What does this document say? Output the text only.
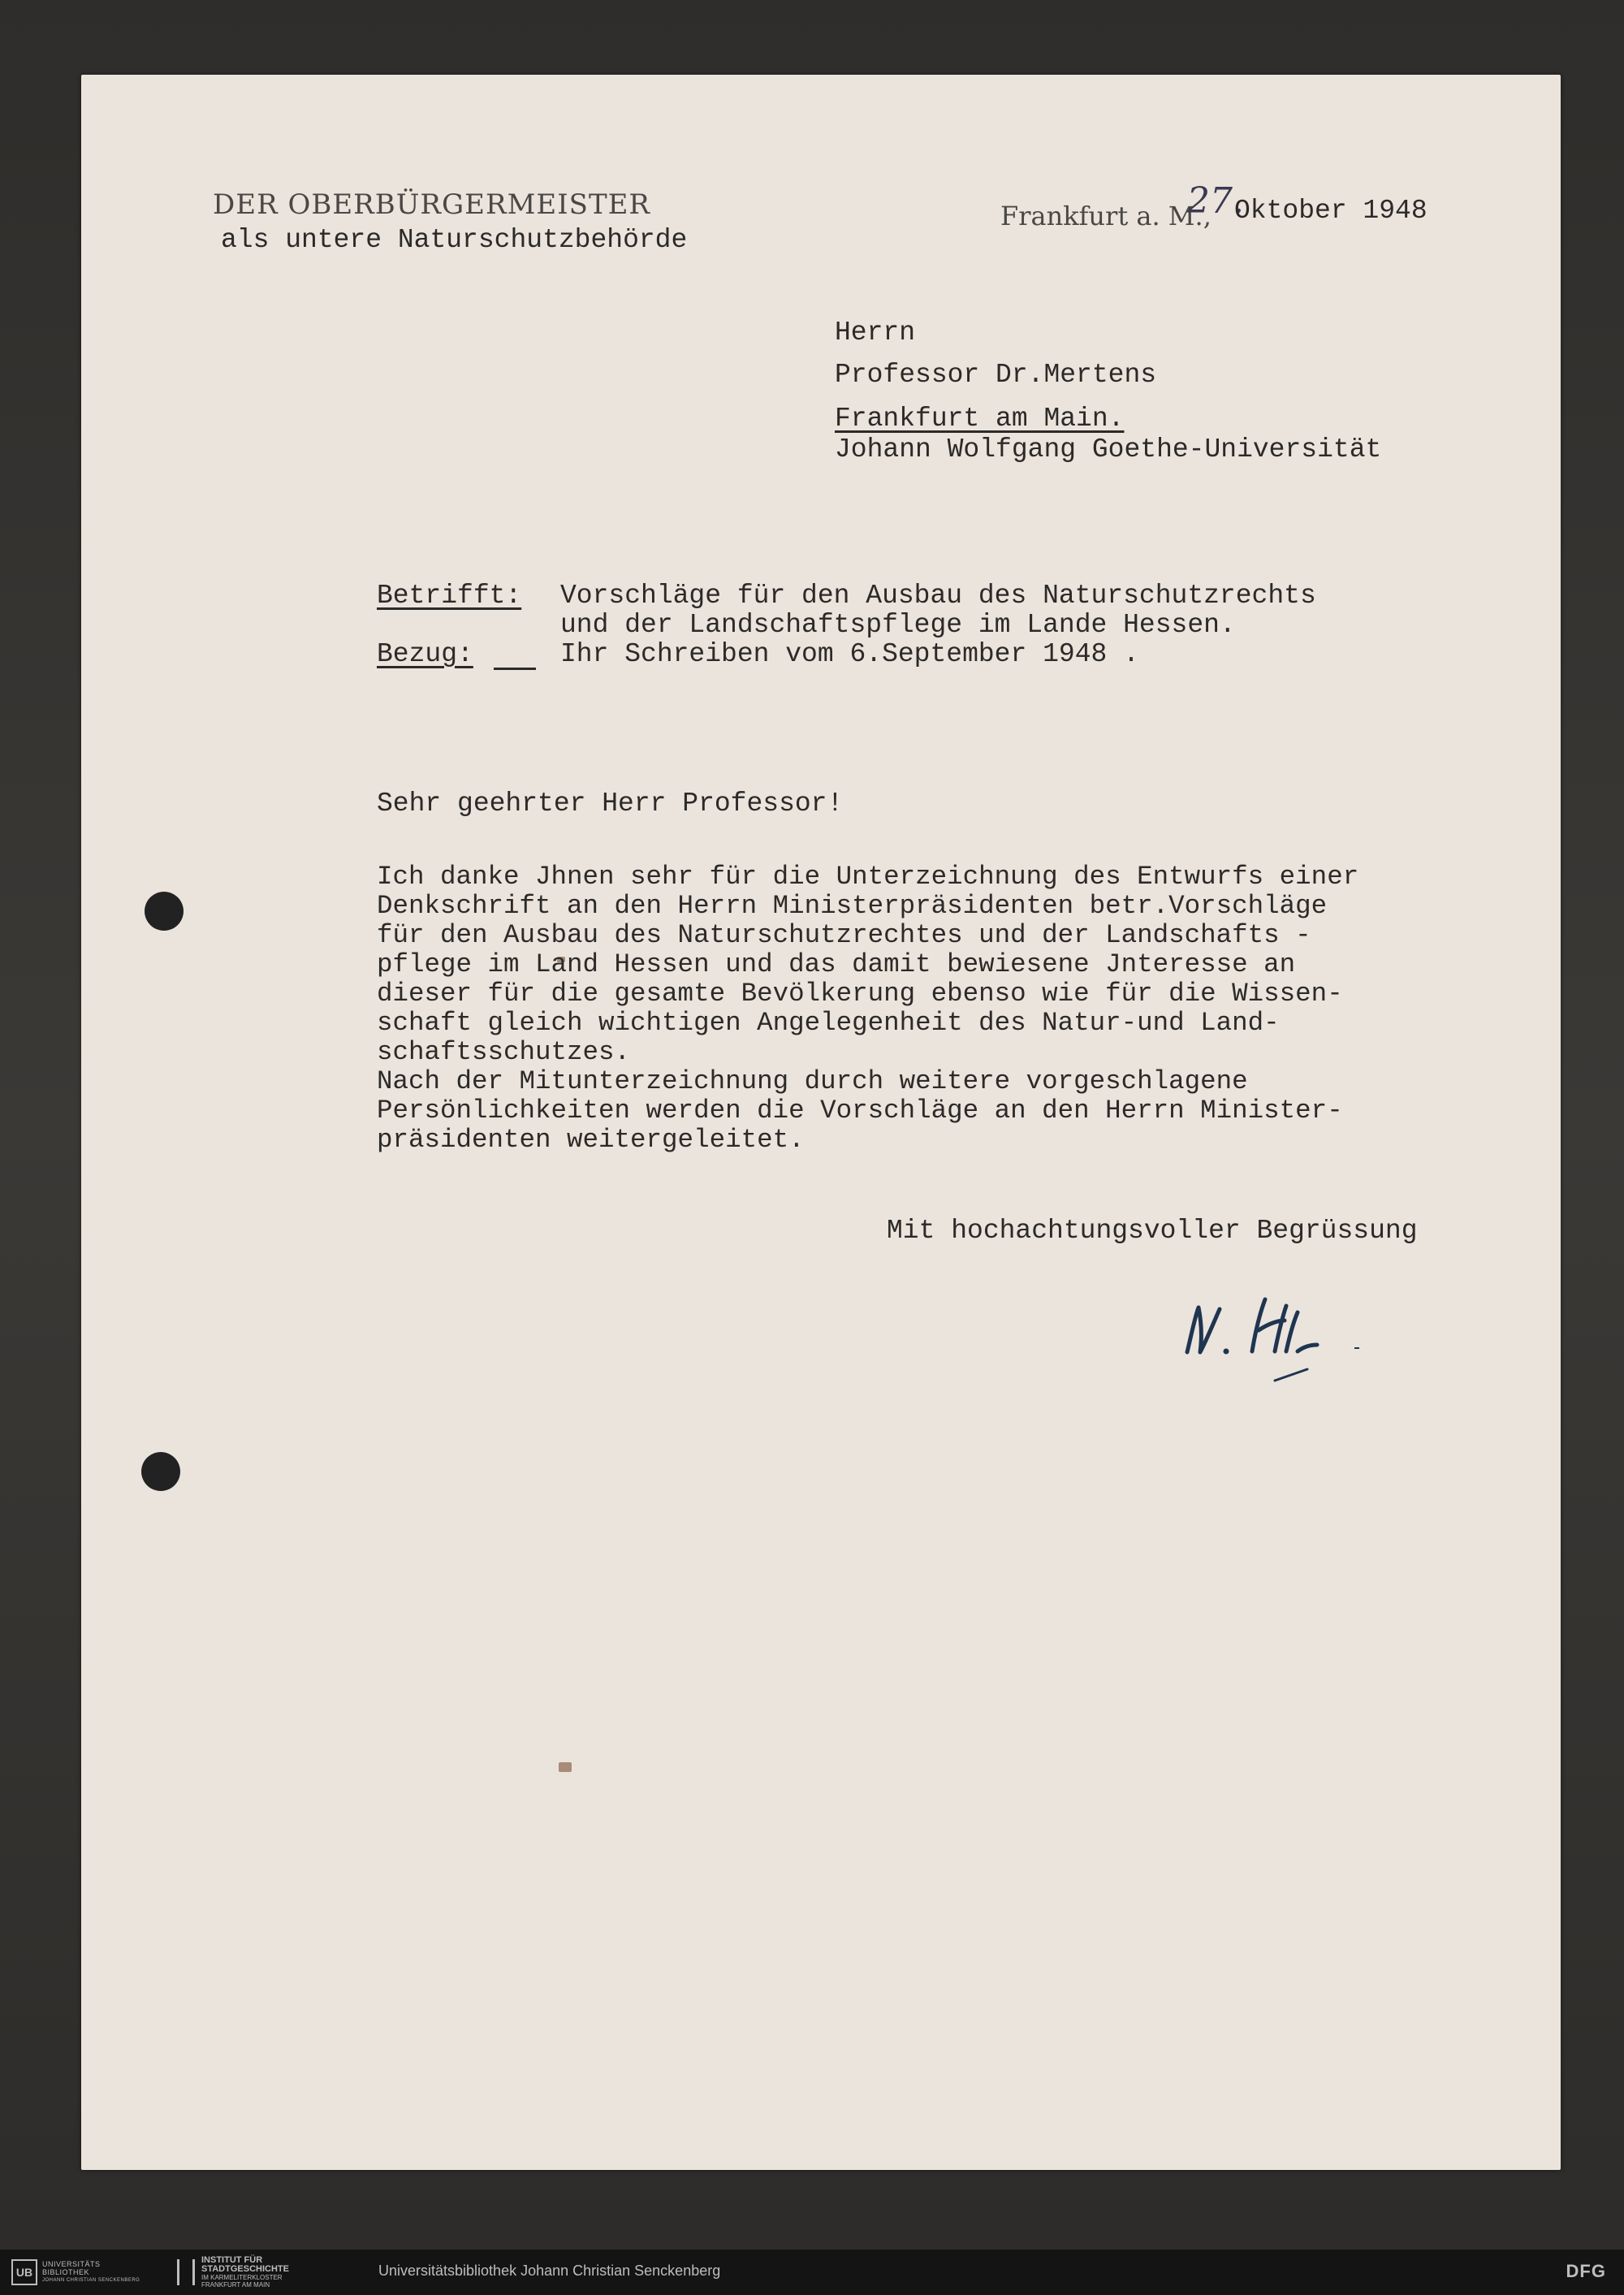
DER OBERBÜRGERMEISTER
als untere Naturschutzbehörde
Frankfurt a. M.,
27.
Oktober 1948
Herrn
Professor Dr.Mertens
Frankfurt am Main.
Johann Wolfgang Goethe-Universität
Betrifft: Vorschläge für den Ausbau des Naturschutzrechts
und der Landschaftspflege im Lande Hessen.
Bezug:	Ihr Schreiben vom 6.September 1948 .
Sehr geehrter Herr Professor!
Ich danke Jhnen sehr für die Unterzeichnung des Entwurfs einer
Denkschrift an den Herrn Ministerpräsidenten betr.Vorschläge
für den Ausbau des Naturschutzrechtes und der Landschafts -
pflege im Land Hessen und das damit bewiesene Jnteresse an
dieser für die gesamte Bevölkerung ebenso wie für die Wissen-
schaft gleich wichtigen Angelegenheit des Natur-und Land-
schaftsschutzes.
Nach der Mitunterzeichnung durch weitere vorgeschlagene
Persönlichkeiten werden die Vorschläge an den Herrn Minister-
präsidenten weitergeleitet.
Mit hochachtungsvoller Begrüssung
UB
UNIVERSITÄTS
BIBLIOTHEK
JOHANN CHRISTIAN SENCKENBERG
INSTITUT FÜR
STADTGESCHICHTE
IM KARMELITERKLOSTER
FRANKFURT AM MAIN
Universitätsbibliothek Johann Christian Senckenberg	DFG
